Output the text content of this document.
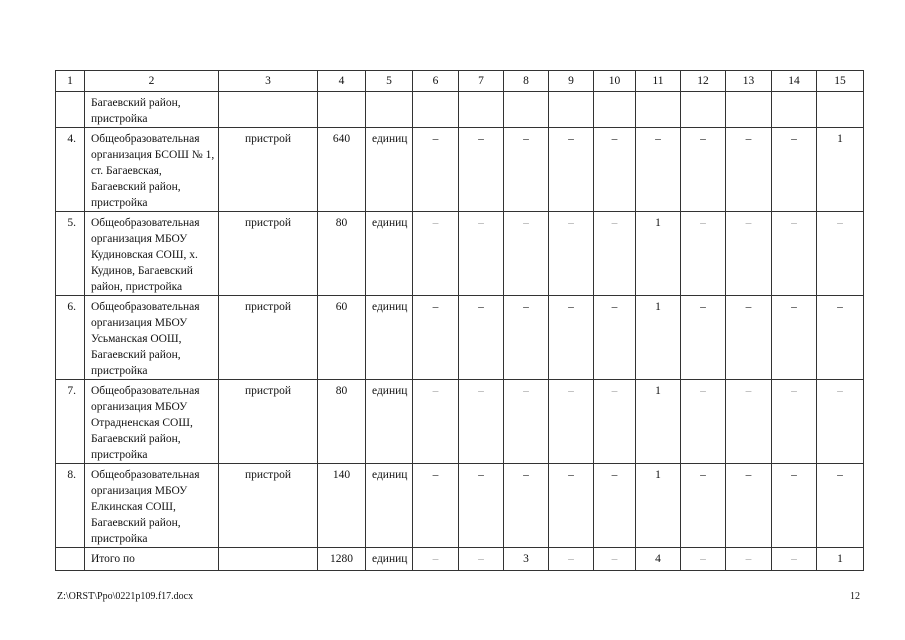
1	2	3	4	5	6	7	8	9	10	11	12	13	14	15
	Багаевский район, пристройка													
4.	Общеобразовательная организация БСОШ № 1, ст. Багаевская, Багаевский район, пристройка	пристрой	640	единиц	–	–	–	–	–	–	–	–	–	1
5.	Общеобразовательная организация МБОУ Кудиновская СОШ, х. Кудинов, Багаевский район, пристройка	пристрой	80	единиц	–	–	–	–	–	1	–	–	–	–
6.	Общеобразовательная организация МБОУ Усьманская ООШ, Багаевский район, пристройка	пристрой	60	единиц	–	–	–	–	–	1	–	–	–	–
7.	Общеобразовательная организация МБОУ Отрадненская СОШ, Багаевский район, пристройка	пристрой	80	единиц	–	–	–	–	–	1	–	–	–	–
8.	Общеобразовательная организация МБОУ Елкинская СОШ, Багаевский район, пристройка	пристрой	140	единиц	–	–	–	–	–	1	–	–	–	–
	Итого по		1280	единиц	–	–	3	–	–	4	–	–	–	1
Z:\ORST\Ppo\0221p109.f17.docx	12
